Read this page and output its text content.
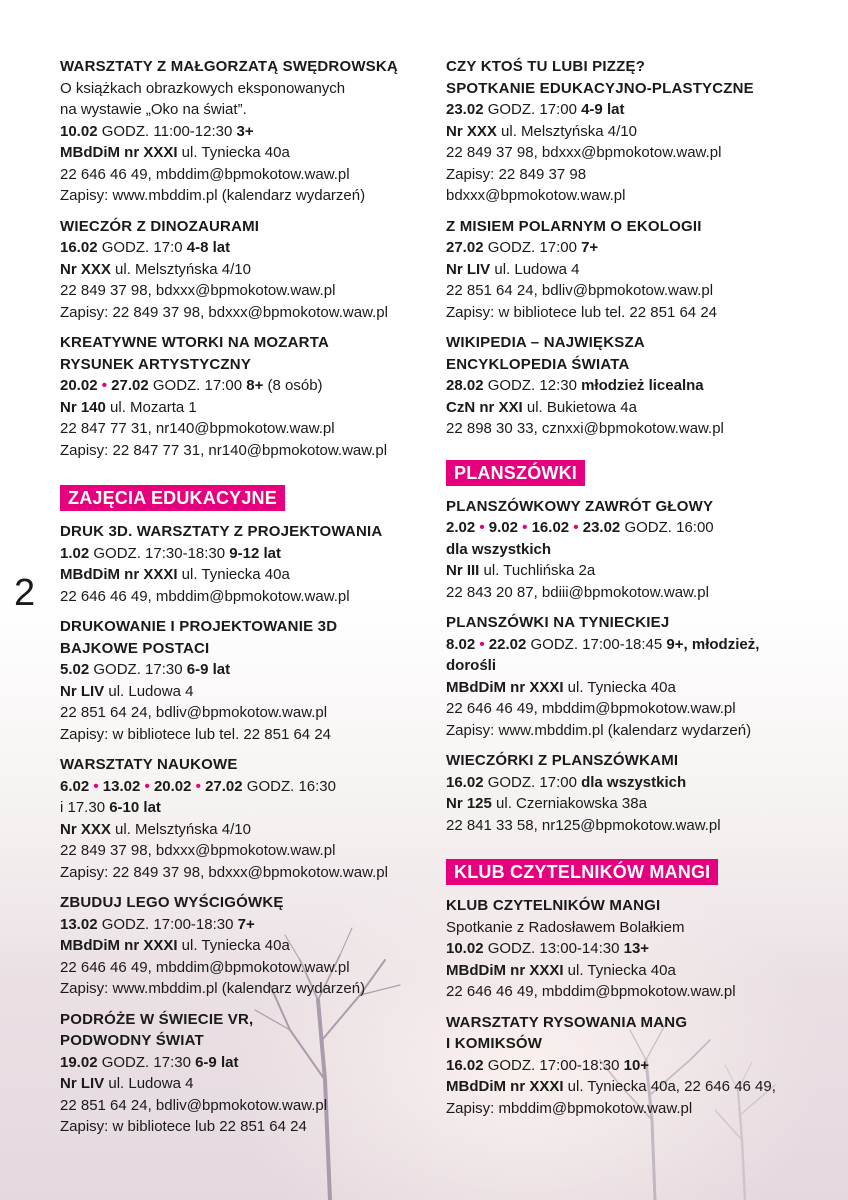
2
WARSZTATY Z MAŁGORZATĄ SWĘDROWSKĄ
O książkach obrazkowych eksponowanych
na wystawie „Oko na świat”.
10.02 GODZ. 11:00-12:30 3+
MBdDiM nr XXXI ul. Tyniecka 40a
22 646 46 49, mbddim@bpmokotow.waw.pl
Zapisy: www.mbddim.pl (kalendarz wydarzeń)
WIECZÓR Z DINOZAURAMI
16.02 GODZ. 17:0 4-8 lat
Nr XXX ul. Melsztyńska 4/10
22 849 37 98, bdxxx@bpmokotow.waw.pl
Zapisy: 22 849 37 98, bdxxx@bpmokotow.waw.pl
KREATYWNE WTORKI NA MOZARTA
RYSUNEK ARTYSTYCZNY
20.02 • 27.02 GODZ. 17:00 8+ (8 osób)
Nr 140 ul. Mozarta 1
22 847 77 31, nr140@bpmokotow.waw.pl
Zapisy: 22 847 77 31, nr140@bpmokotow.waw.pl
ZAJĘCIA EDUKACYJNE
DRUK 3D. WARSZTATY Z PROJEKTOWANIA
1.02 GODZ. 17:30-18:30 9-12 lat
MBdDiM nr XXXI ul. Tyniecka 40a
22 646 46 49, mbddim@bpmokotow.waw.pl
DRUKOWANIE I PROJEKTOWANIE 3D
BAJKOWE POSTACI
5.02 GODZ. 17:30 6-9 lat
Nr LIV ul. Ludowa 4
22 851 64 24, bdliv@bpmokotow.waw.pl
Zapisy: w bibliotece lub tel. 22 851 64 24
WARSZTATY NAUKOWE
6.02 • 13.02 • 20.02 • 27.02 GODZ. 16:30
i 17.30 6-10 lat
Nr XXX ul. Melsztyńska 4/10
22 849 37 98, bdxxx@bpmokotow.waw.pl
Zapisy: 22 849 37 98, bdxxx@bpmokotow.waw.pl
ZBUDUJ LEGO WYŚCIGÓWKĘ
13.02 GODZ. 17:00-18:30 7+
MBdDiM nr XXXI ul. Tyniecka 40a
22 646 46 49, mbddim@bpmokotow.waw.pl
Zapisy: www.mbddim.pl (kalendarz wydarzeń)
PODRÓŻE W ŚWIECIE VR,
PODWODNY ŚWIAT
19.02 GODZ. 17:30 6-9 lat
Nr LIV ul. Ludowa 4
22 851 64 24, bdliv@bpmokotow.waw.pl
Zapisy: w bibliotece lub 22 851 64 24
CZY KTOŚ TU LUBI PIZZĘ?
SPOTKANIE EDUKACYJNO-PLASTYCZNE
23.02 GODZ. 17:00 4-9 lat
Nr XXX ul. Melsztyńska 4/10
22 849 37 98, bdxxx@bpmokotow.waw.pl
Zapisy: 22 849 37 98
bdxxx@bpmokotow.waw.pl
Z MISIEM POLARNYM O EKOLOGII
27.02 GODZ. 17:00 7+
Nr LIV ul. Ludowa 4
22 851 64 24, bdliv@bpmokotow.waw.pl
Zapisy: w bibliotece lub tel. 22 851 64 24
WIKIPEDIA – NAJWIĘKSZA
ENCYKLOPEDIA ŚWIATA
28.02 GODZ. 12:30 młodzież licealna
CzN nr XXI ul. Bukietowa 4a
22 898 30 33, cznxxi@bpmokotow.waw.pl
PLANSZÓWKI
PLANSZÓWKOWY ZAWRÓT GŁOWY
2.02 • 9.02 • 16.02 • 23.02 GODZ. 16:00
dla wszystkich
Nr III ul. Tuchlińska 2a
22 843 20 87, bdiii@bpmokotow.waw.pl
PLANSZÓWKI NA TYNIECKIEJ
8.02 • 22.02 GODZ. 17:00-18:45 9+, młodzież,
dorośli
MBdDiM nr XXXI ul. Tyniecka 40a
22 646 46 49, mbddim@bpmokotow.waw.pl
Zapisy: www.mbddim.pl (kalendarz wydarzeń)
WIECZÓRKI Z PLANSZÓWKAMI
16.02 GODZ. 17:00 dla wszystkich
Nr 125 ul. Czerniakowska 38a
22 841 33 58, nr125@bpmokotow.waw.pl
KLUB CZYTELNIKÓW MANGI
KLUB CZYTELNIKÓW MANGI
Spotkanie z Radosławem Bolałkiem
10.02 GODZ. 13:00-14:30 13+
MBdDiM nr XXXI ul. Tyniecka 40a
22 646 46 49, mbddim@bpmokotow.waw.pl
WARSZTATY RYSOWANIA MANG
I KOMIKSÓW
16.02 GODZ. 17:00-18:30 10+
MBdDiM nr XXXI ul. Tyniecka 40a, 22 646 46 49,
Zapisy: mbddim@bpmokotow.waw.pl
